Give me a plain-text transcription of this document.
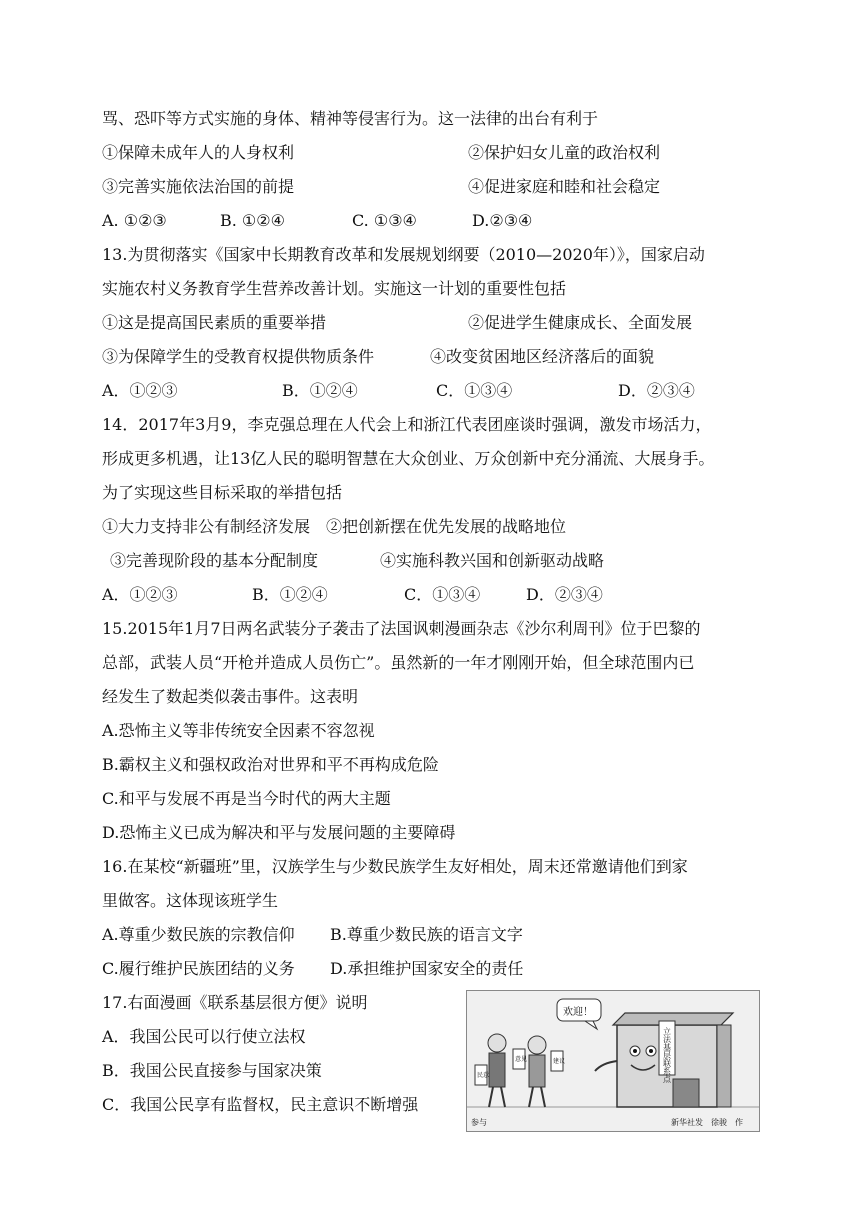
骂、恐吓等方式实施的身体、精神等侵害行为。这一法律的出台有利于
①保障未成年人的人身权利	②保护妇女儿童的政治权利
③完善实施依法治国的前提	④促进家庭和睦和社会稳定
A. ①②③	B. ①②④	C. ①③④	D.②③④
13.为贯彻落实《国家中长期教育改革和发展规划纲要（2010—2020年）》，国家启动
实施农村义务教育学生营养改善计划。实施这一计划的重要性包括
①这是提高国民素质的重要举措	②促进学生健康成长、全面发展
③为保障学生的受教育权提供物质条件	④改变贫困地区经济落后的面貌
A．①②③	B．①②④	C．①③④	D．②③④
14．2017年3月9，李克强总理在人代会上和浙江代表团座谈时强调，激发市场活力，
形成更多机遇，让13亿人民的聪明智慧在大众创业、万众创新中充分涌流、大展身手。
为了实现这些目标采取的举措包括
①大力支持非公有制经济发展　②把创新摆在优先发展的战略地位
③完善现阶段的基本分配制度	④实施科教兴国和创新驱动战略
A．①②③	B．①②④	C．①③④	D．②③④
15.2015年1月7日两名武装分子袭击了法国讽刺漫画杂志《沙尔利周刊》位于巴黎的
总部，武装人员“开枪并造成人员伤亡”。虽然新的一年才刚刚开始，但全球范围内已
经发生了数起类似袭击事件。这表明
A.恐怖主义等非传统安全因素不容忽视
B.霸权主义和强权政治对世界和平不再构成危险
C.和平与发展不再是当今时代的两大主题
D.恐怖主义已成为解决和平与发展问题的主要障碍
16.在某校“新疆班”里，汉族学生与少数民族学生友好相处，周末还常邀请他们到家
里做客。这体现该班学生
A.尊重少数民族的宗教信仰 B.尊重少数民族的语言文字
C.履行维护民族团结的义务 D.承担维护国家安全的责任
17.右面漫画《联系基层很方便》说明
A．我国公民可以行使立法权
B．我国公民直接参与国家决策
C．我国公民享有监督权，民主意识不断增强
立法基层联系点
欢迎！
民意
意见	建议
参与	新华社发　徐骏　作
